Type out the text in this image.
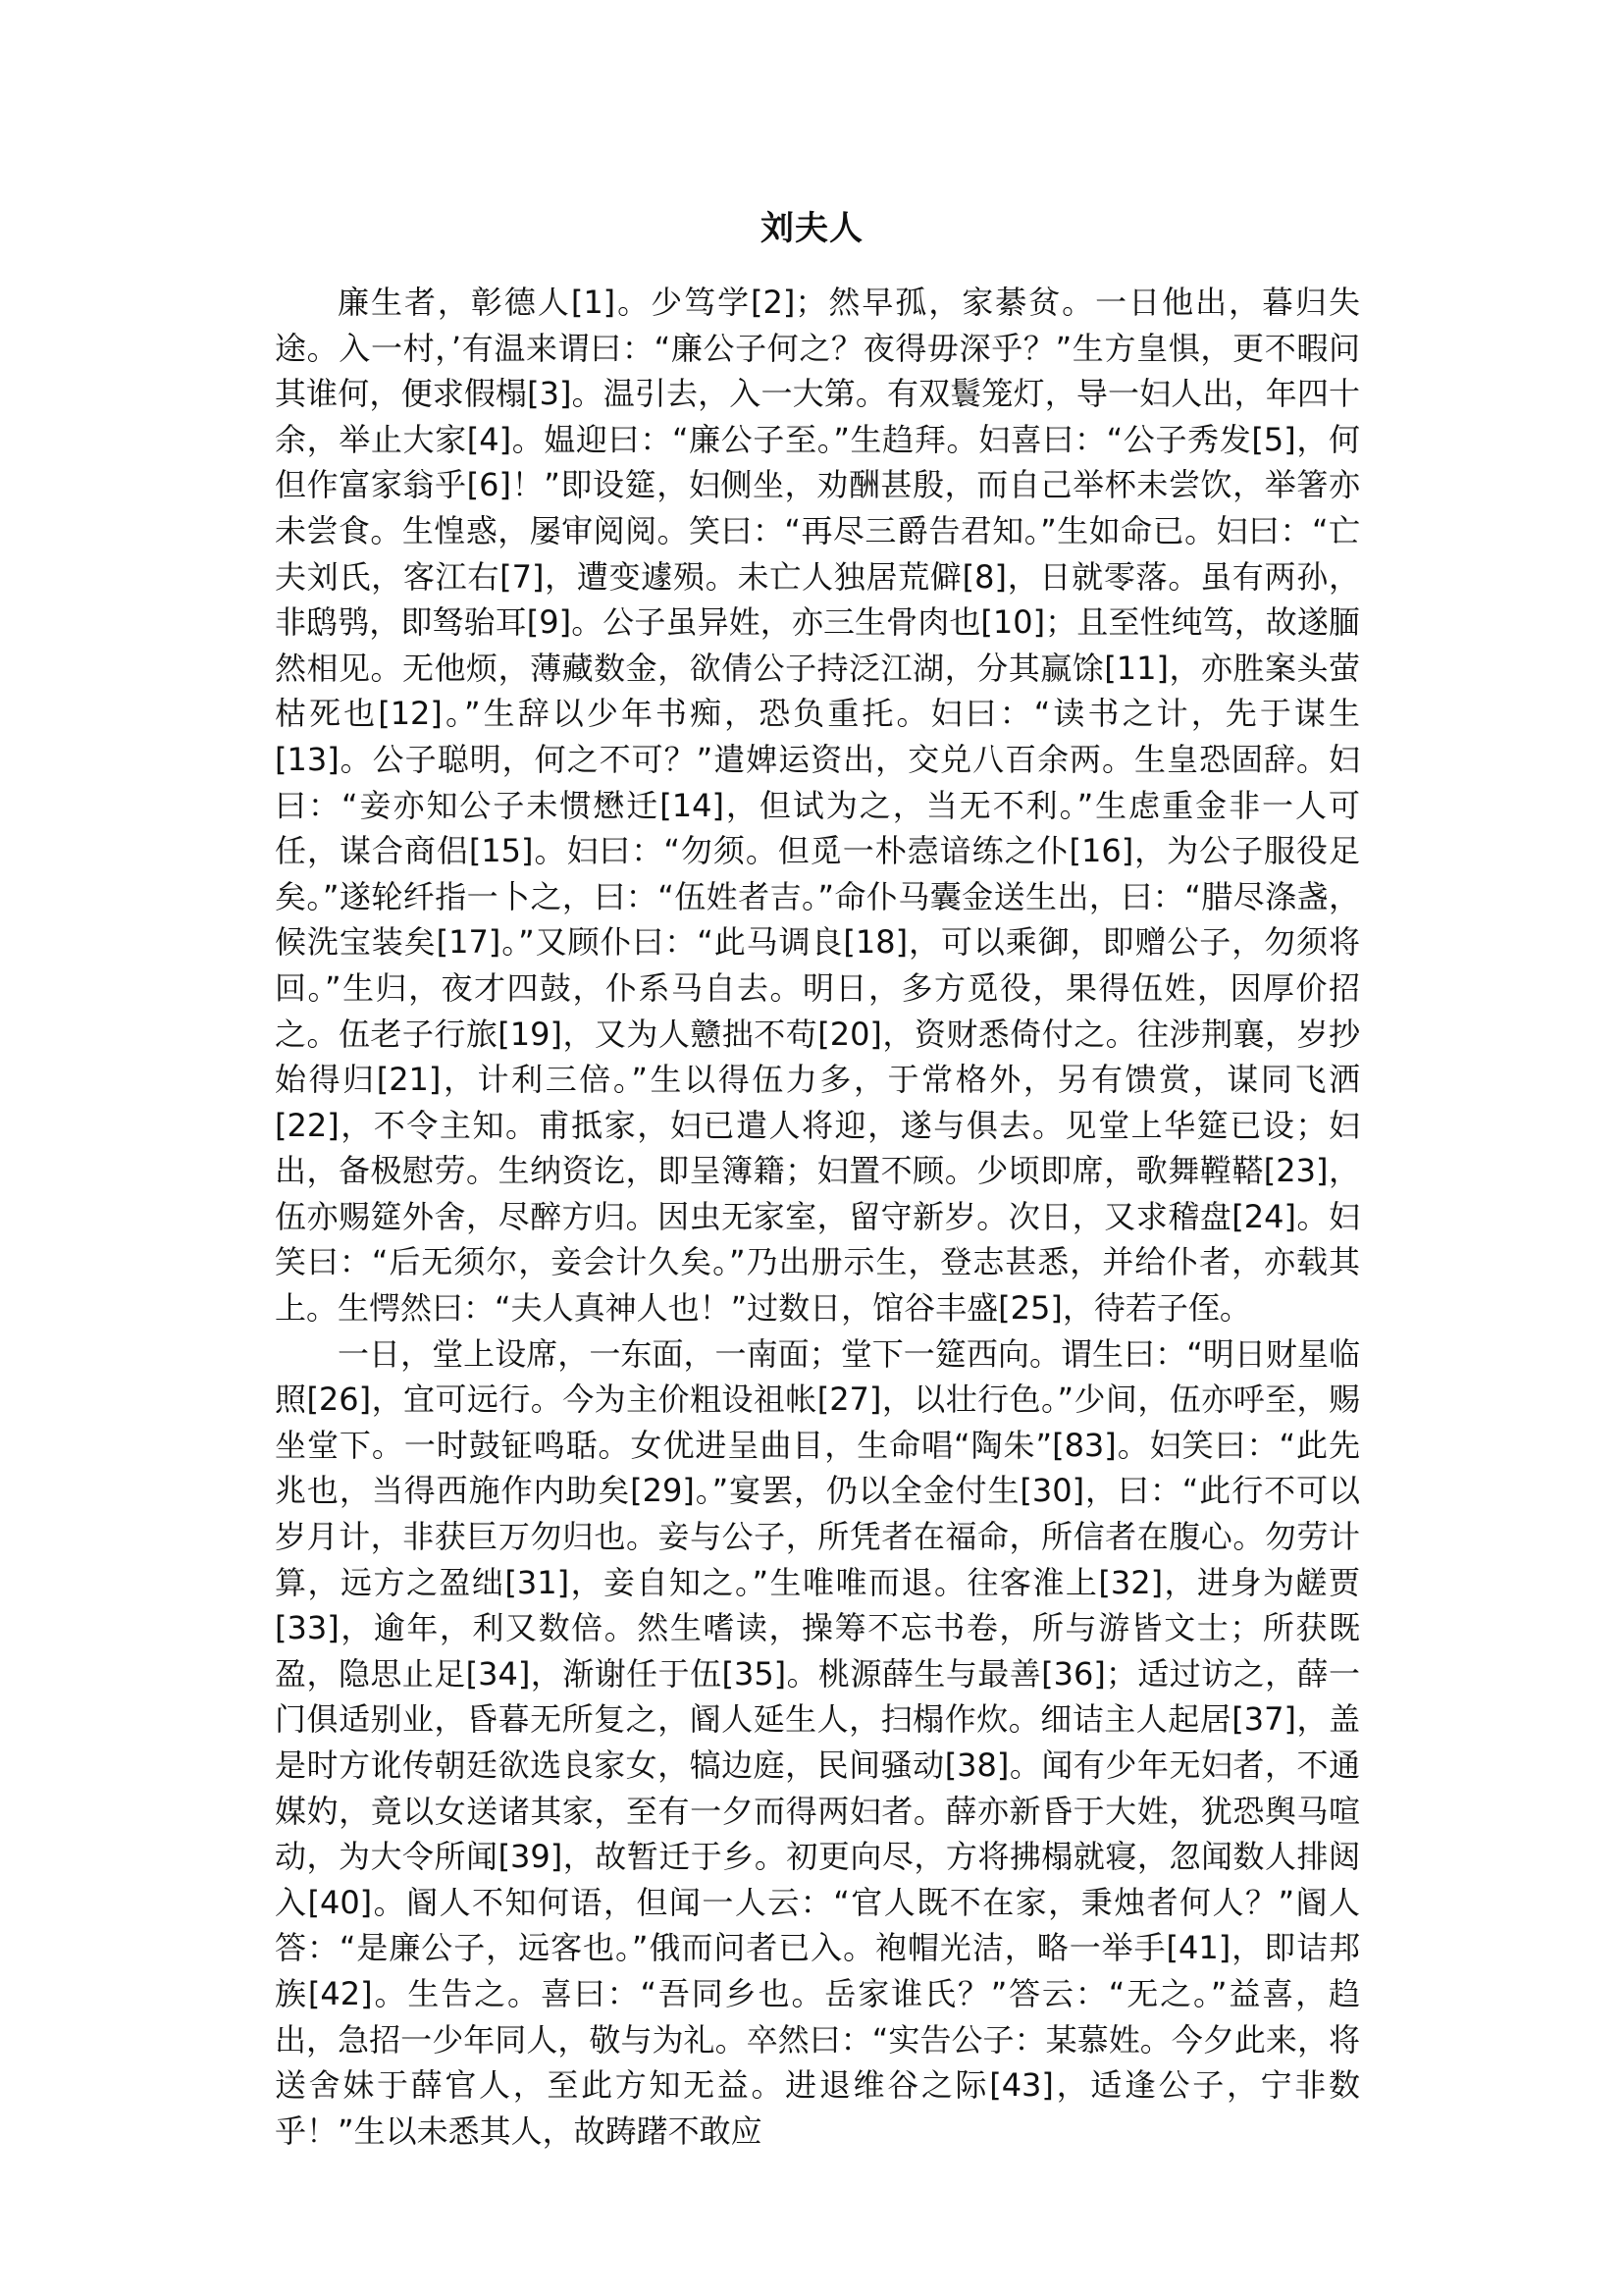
刘夫人

廉生者，彰德人[1]。少笃学[2]；然早孤，家綦贫。一日他出，暮归失途。入一村，’有温来谓曰：“廉公子何之？夜得毋深乎？”生方皇惧，更不暇问其谁何，便求假榻[3]。温引去，入一大第。有双鬟笼灯，导一妇人出，年四十余，举止大家[4]。媪迎曰：“廉公子至。”生趋拜。妇喜曰：“公子秀发[5]，何但作富家翁乎[6]！”即设筵，妇侧坐，劝酬甚殷，而自己举杯未尝饮，举箸亦未尝食。生惶惑，屡审阅阅。笑曰：“再尽三爵告君知。”生如命已。妇曰：“亡夫刘氏，客江右[7]，遭变遽殒。未亡人独居荒僻[8]，日就零落。虽有两孙，非鸱鸮，即驽骀耳[9]。公子虽异姓，亦三生骨肉也[10]；且至性纯笃，故遂腼然相见。无他烦，薄藏数金，欲倩公子持泛江湖，分其赢馀[11]，亦胜案头萤枯死也[12]。”生辞以少年书痴，恐负重托。妇曰：“读书之计，先于谋生[13]。公子聪明，何之不可？”遣婢运资出，交兑八百余两。生皇恐固辞。妇曰：“妾亦知公子未惯懋迁[14]，但试为之，当无不利。”生虑重金非一人可任，谋合商侣[15]。妇曰：“勿须。但觅一朴悫谙练之仆[16]，为公子服役足矣。”遂轮纤指一卜之，曰：“伍姓者吉。”命仆马囊金送生出，曰：“腊尽涤盏，候洗宝装矣[17]。”又顾仆曰：“此马调良[18]，可以乘御，即赠公子，勿须将回。”生归，夜才四鼓，仆系马自去。明日，多方觅役，果得伍姓，因厚价招之。伍老子行旅[19]，又为人戆拙不苟[20]，资财悉倚付之。往涉荆襄，岁抄始得归[21]，计利三倍。”生以得伍力多，于常格外，另有馈赏，谋同飞洒[22]，不令主知。甫抵家，妇已遣人将迎，遂与俱去。见堂上华筵已设；妇出，备极慰劳。生纳资讫，即呈簿籍；妇置不顾。少顷即席，歌舞鞺鞳[23]，伍亦赐筵外舍，尽醉方归。因虫无家室，留守新岁。次日，又求稽盘[24]。妇笑曰：“后无须尔，妾会计久矣。”乃出册示生，登志甚悉，并给仆者，亦载其上。生愕然曰：“夫人真神人也！”过数日，馆谷丰盛[25]，待若子侄。

一日，堂上设席，一东面，一南面；堂下一筵西向。谓生曰：“明日财星临照[26]，宜可远行。今为主价粗设祖帐[27]，以壮行色。”少间，伍亦呼至，赐坐堂下。一时鼓钲鸣聒。女优进呈曲目，生命唱“陶朱”[83]。妇笑曰：“此先兆也，当得西施作内助矣[29]。”宴罢，仍以全金付生[30]，曰：“此行不可以岁月计，非获巨万勿归也。妾与公子，所凭者在福命，所信者在腹心。勿劳计算，远方之盈绌[31]，妾自知之。”生唯唯而退。往客淮上[32]，进身为鹾贾[33]，逾年，利又数倍。然生嗜读，操筹不忘书卷，所与游皆文士；所获既盈，隐思止足[34]，渐谢任于伍[35]。桃源薛生与最善[36]；适过访之，薛一门俱适别业，昏暮无所复之，阍人延生人，扫榻作炊。细诘主人起居[37]，盖是时方讹传朝廷欲选良家女，犒边庭，民间骚动[38]。闻有少年无妇者，不通媒妁，竟以女送诸其家，至有一夕而得两妇者。薛亦新昏于大姓，犹恐舆马喧动，为大令所闻[39]，故暂迁于乡。初更向尽，方将拂榻就寝，忽闻数人排闼入[40]。阍人不知何语，但闻一人云：“官人既不在家，秉烛者何人？”阍人答：“是廉公子，远客也。”俄而问者已入。袍帽光洁，略一举手[41]，即诘邦族[42]。生告之。喜曰：“吾同乡也。岳家谁氏？”答云：“无之。”益喜，趋出，急招一少年同人，敬与为礼。卒然曰：“实告公子：某慕姓。今夕此来，将送舍妹于薛官人，至此方知无益。进退维谷之际[43]，适逢公子，宁非数乎！”生以未悉其人，故踌躇不敢应
